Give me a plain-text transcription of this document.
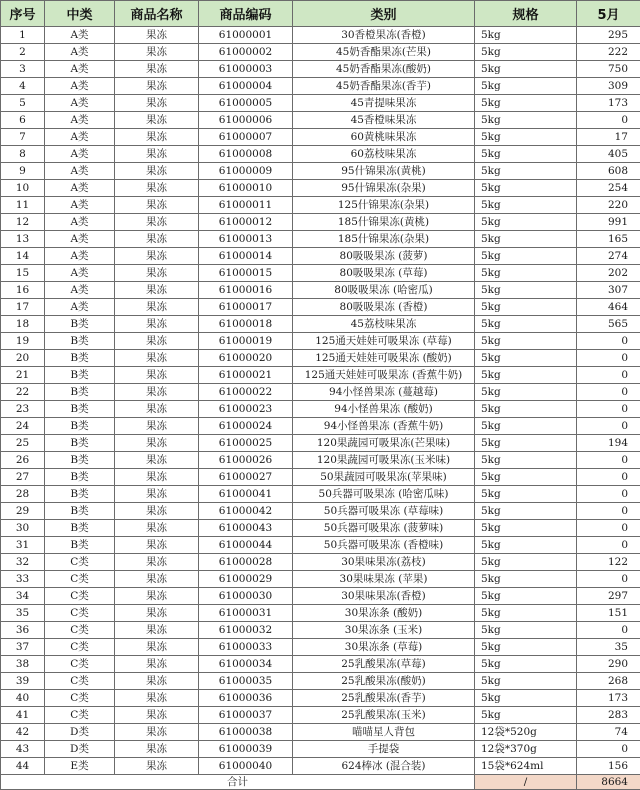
序号	中类	商品名称	商品编码	类别	规格	5月
1	A类	果冻	61000001	30香橙果冻(香橙)	5kg	295
2	A类	果冻	61000002	45奶香酯果冻(芒果)	5kg	222
3	A类	果冻	61000003	45奶香酯果冻(酸奶)	5kg	750
4	A类	果冻	61000004	45奶香酯果冻(香芋)	5kg	309
5	A类	果冻	61000005	45青提味果冻	5kg	173
6	A类	果冻	61000006	45香橙味果冻	5kg	0
7	A类	果冻	61000007	60黄桃味果冻	5kg	17
8	A类	果冻	61000008	60荔枝味果冻	5kg	405
9	A类	果冻	61000009	95什锦果冻(黄桃)	5kg	608
10	A类	果冻	61000010	95什锦果冻(杂果)	5kg	254
11	A类	果冻	61000011	125什锦果冻(杂果)	5kg	220
12	A类	果冻	61000012	185什锦果冻(黄桃)	5kg	991
13	A类	果冻	61000013	185什锦果冻(杂果)	5kg	165
14	A类	果冻	61000014	80吸吸果冻 (菠萝)	5kg	274
15	A类	果冻	61000015	80吸吸果冻 (草莓)	5kg	202
16	A类	果冻	61000016	80吸吸果冻 (哈密瓜)	5kg	307
17	A类	果冻	61000017	80吸吸果冻 (香橙)	5kg	464
18	B类	果冻	61000018	45荔枝味果冻	5kg	565
19	B类	果冻	61000019	125通天娃娃可吸果冻 (草莓)	5kg	0
20	B类	果冻	61000020	125通天娃娃可吸果冻 (酸奶)	5kg	0
21	B类	果冻	61000021	125通天娃娃可吸果冻 (香蕉牛奶)	5kg	0
22	B类	果冻	61000022	94小怪兽果冻 (蔓越莓)	5kg	0
23	B类	果冻	61000023	94小怪兽果冻 (酸奶)	5kg	0
24	B类	果冻	61000024	94小怪兽果冻 (香蕉牛奶)	5kg	0
25	B类	果冻	61000025	120果蔬园可吸果冻(芒果味)	5kg	194
26	B类	果冻	61000026	120果蔬园可吸果冻(玉米味)	5kg	0
27	B类	果冻	61000027	50果蔬园可吸果冻(苹果味)	5kg	0
28	B类	果冻	61000041	50兵器可吸果冻 (哈密瓜味)	5kg	0
29	B类	果冻	61000042	50兵器可吸果冻 (草莓味)	5kg	0
30	B类	果冻	61000043	50兵器可吸果冻 (菠萝味)	5kg	0
31	B类	果冻	61000044	50兵器可吸果冻 (香橙味)	5kg	0
32	C类	果冻	61000028	30果味果冻(荔枝)	5kg	122
33	C类	果冻	61000029	30果味果冻 (苹果)	5kg	0
34	C类	果冻	61000030	30果味果冻(香橙)	5kg	297
35	C类	果冻	61000031	30果冻条 (酸奶)	5kg	151
36	C类	果冻	61000032	30果冻条 (玉米)	5kg	0
37	C类	果冻	61000033	30果冻条 (草莓)	5kg	35
38	C类	果冻	61000034	25乳酸果冻(草莓)	5kg	290
39	C类	果冻	61000035	25乳酸果冻(酸奶)	5kg	268
40	C类	果冻	61000036	25乳酸果冻(香芋)	5kg	173
41	C类	果冻	61000037	25乳酸果冻(玉米)	5kg	283
42	D类	果冻	61000038	喵喵星人背包	12袋*520g	74
43	D类	果冻	61000039	手提袋	12袋*370g	0
44	E类	果冻	61000040	624棒冰 (混合装)	15袋*624ml	156
合计					/	8664
